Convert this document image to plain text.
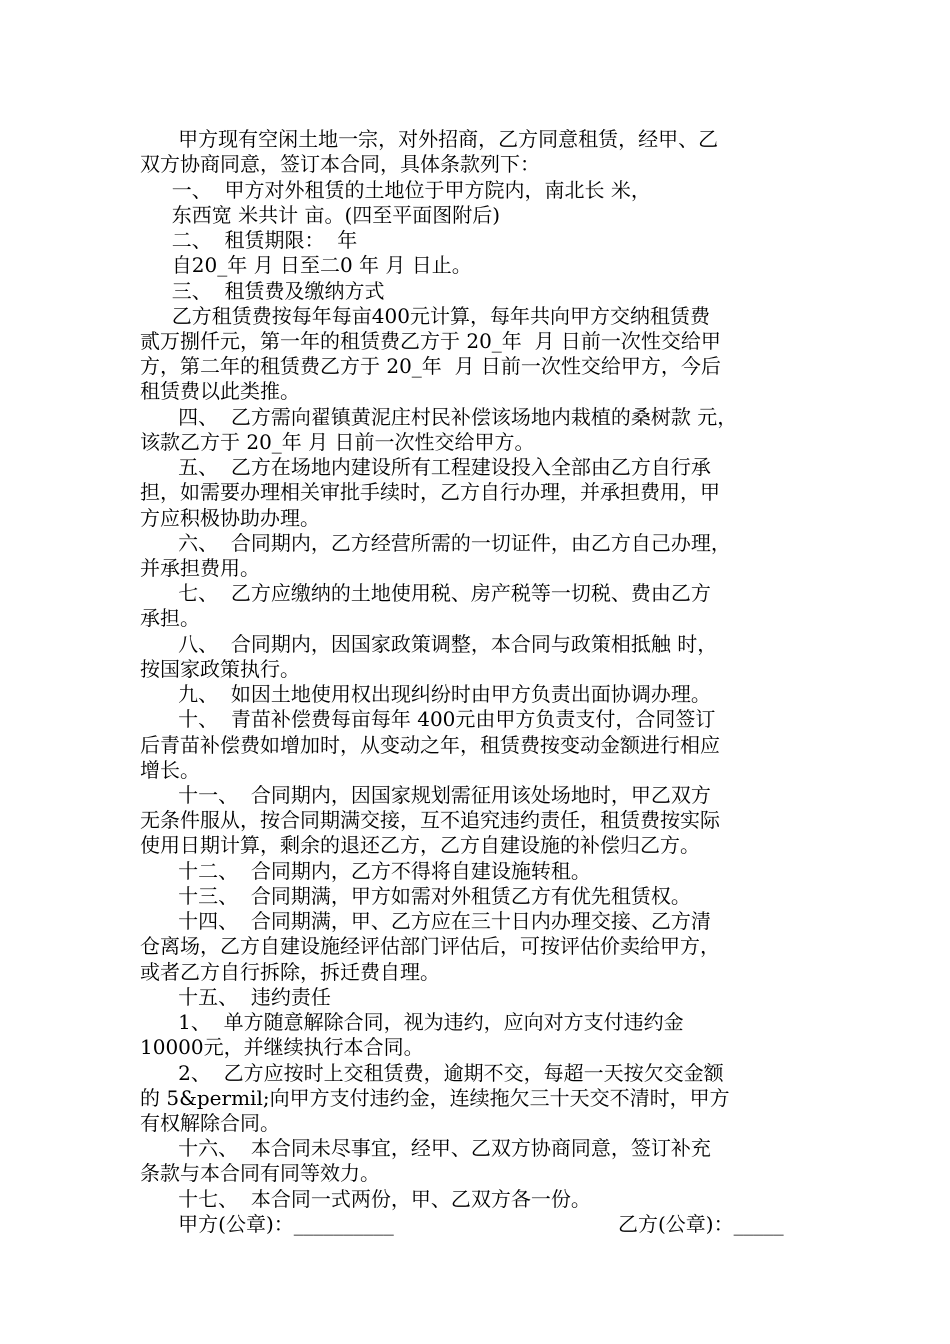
甲方现有空闲土地一宗，对外招商，乙方同意租赁，经甲、乙
双方协商同意，签订本合同，具体条款列下：
一、  甲方对外租赁的土地位于甲方院内，南北长 米，
东西宽 米共计 亩。(四至平面图附后)
二、  租赁期限：  年
自20_年 月 日至二0 年 月 日止。
三、  租赁费及缴纳方式
乙方租赁费按每年每亩400元计算，每年共向甲方交纳租赁费
贰万捌仟元，第一年的租赁费乙方于 20_年  月 日前一次性交给甲
方，第二年的租赁费乙方于 20_年  月 日前一次性交给甲方，今后
租赁费以此类推。
四、  乙方需向翟镇黄泥庄村民补偿该场地内栽植的桑树款 元，
该款乙方于 20_年 月 日前一次性交给甲方。
五、  乙方在场地内建设所有工程建设投入全部由乙方自行承
担，如需要办理相关审批手续时，乙方自行办理，并承担费用，甲
方应积极协助办理。
六、  合同期内，乙方经营所需的一切证件，由乙方自己办理，
并承担费用。
七、  乙方应缴纳的土地使用税、房产税等一切税、费由乙方
承担。
八、  合同期内，因国家政策调整，本合同与政策相抵触 时，
按国家政策执行。
九、  如因土地使用权出现纠纷时由甲方负责出面协调办理。
十、  青苗补偿费每亩每年 400元由甲方负责支付，合同签订
后青苗补偿费如增加时，从变动之年，租赁费按变动金额进行相应
增长。
十一、  合同期内，因国家规划需征用该处场地时，甲乙双方
无条件服从，按合同期满交接，互不追究违约责任，租赁费按实际
使用日期计算，剩余的退还乙方，乙方自建设施的补偿归乙方。
十二、  合同期内，乙方不得将自建设施转租。
十三、  合同期满，甲方如需对外租赁乙方有优先租赁权。
十四、  合同期满，甲、乙方应在三十日内办理交接、乙方清
仓离场，乙方自建设施经评估部门评估后，可按评估价卖给甲方，
或者乙方自行拆除，拆迁费自理。
十五、  违约责任
1、  单方随意解除合同，视为违约，应向对方支付违约金
10000元，并继续执行本合同。
2、  乙方应按时上交租赁费，逾期不交，每超一天按欠交金额
的 5&permil;向甲方支付违约金，连续拖欠三十天交不清时，甲方
有权解除合同。
十六、  本合同未尽事宜，经甲、乙双方协商同意，签订补充
条款与本合同有同等效力。
十七、  本合同一式两份，甲、乙双方各一份。
甲方(公章)：__________	乙方(公章)：_____
